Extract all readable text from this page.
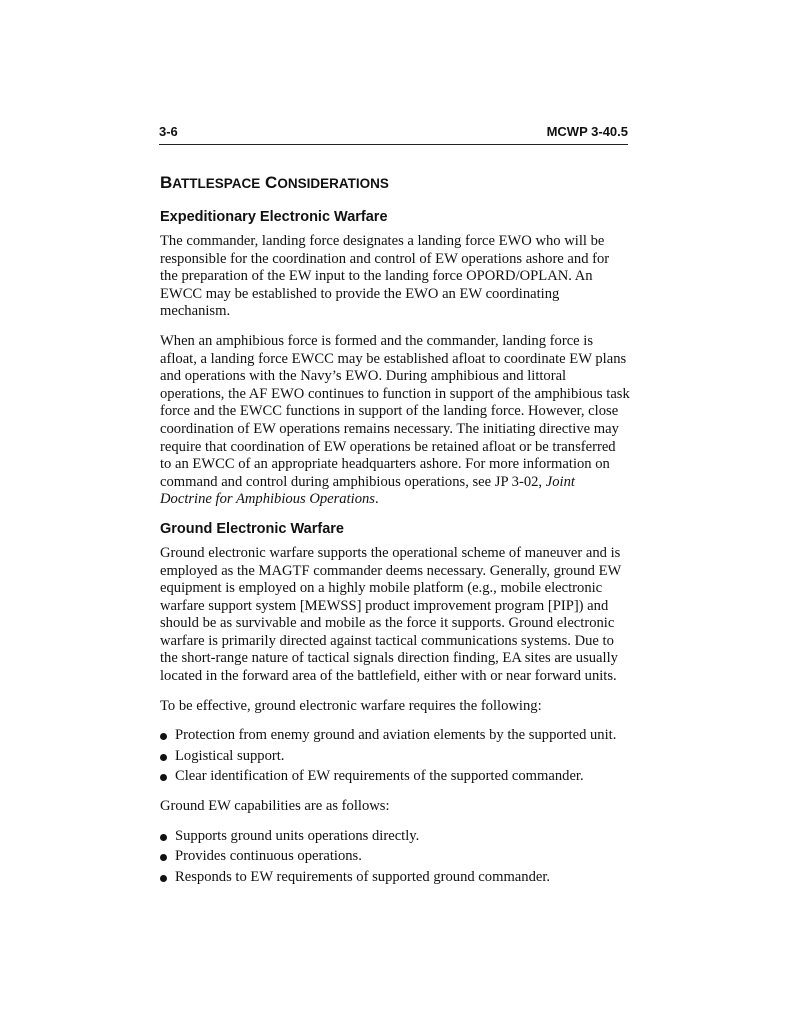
3-6	MCWP 3-40.5
BATTLESPACE CONSIDERATIONS
Expeditionary Electronic Warfare

The commander, landing force designates a landing force EWO who will be responsible for the coordination and control of EW operations ashore and for the preparation of the EW input to the landing force OPORD/OPLAN. An EWCC may be established to provide the EWO an EW coordinating mechanism.

When an amphibious force is formed and the commander, landing force is afloat, a landing force EWCC may be established afloat to coordinate EW plans and operations with the Navy’s EWO. During amphibious and littoral operations, the AF EWO continues to function in support of the amphibious task force and the EWCC functions in support of the landing force. However, close coordination of EW operations remains necessary. The initiating directive may require that coordination of EW operations be retained afloat or be transferred to an EWCC of an appropriate headquarters ashore. For more information on command and control during amphibious operations, see JP 3-02, Joint Doctrine for Amphibious Operations.

Ground Electronic Warfare

Ground electronic warfare supports the operational scheme of maneuver and is employed as the MAGTF commander deems necessary. Generally, ground EW equipment is employed on a highly mobile platform (e.g., mobile electronic warfare support system [MEWSS] product improvement program [PIP]) and should be as survivable and mobile as the force it supports. Ground electronic warfare is primarily directed against tactical communications systems. Due to the short-range nature of tactical signals direction finding, EA sites are usually located in the forward area of the battlefield, either with or near forward units.

To be effective, ground electronic warfare requires the following:

Protection from enemy ground and aviation elements by the supported unit.
Logistical support.
Clear identification of EW requirements of the supported commander.

Ground EW capabilities are as follows:

Supports ground units operations directly.
Provides continuous operations.
Responds to EW requirements of supported ground commander.
